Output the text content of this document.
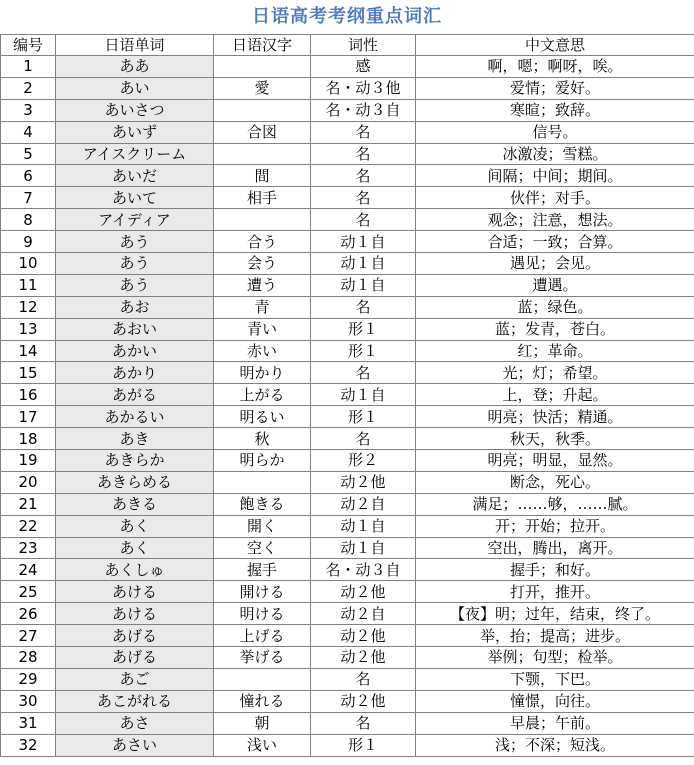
日语高考考纲重点词汇
编号	日语单词	日语汉字	词性	中文意思
1	ああ		感	啊，嗯；啊呀，唉。
2	あい	愛	名・动３他	爱情；爱好。
3	あいさつ		名・动３自	寒暄；致辞。
4	あいず	合図	名	信号。
5	アイスクリーム		名	冰激凌；雪糕。
6	あいだ	間	名	间隔；中间；期间。
7	あいて	相手	名	伙伴；对手。
8	アイディア		名	观念；注意，想法。
9	あう	合う	动１自	合适；一致；合算。
10	あう	会う	动１自	遇见；会见。
11	あう	遭う	动１自	遭遇。
12	あお	青	名	蓝；绿色。
13	あおい	青い	形１	蓝；发青，苍白。
14	あかい	赤い	形１	红；革命。
15	あかり	明かり	名	光；灯；希望。
16	あがる	上がる	动１自	上，登；升起。
17	あかるい	明るい	形１	明亮；快活；精通。
18	あき	秋	名	秋天，秋季。
19	あきらか	明らか	形２	明亮；明显，显然。
20	あきらめる		动２他	断念，死心。
21	あきる	飽きる	动２自	满足；……够，……腻。
22	あく	開く	动１自	开；开始；拉开。
23	あく	空く	动１自	空出，腾出，离开。
24	あくしゅ	握手	名・动３自	握手；和好。
25	あける	開ける	动２他	打开，推开。
26	あける	明ける	动２自	【夜】明；过年，结束，终了。
27	あげる	上げる	动２他	举，抬；提高；进步。
28	あげる	挙げる	动２他	举例；句型；检举。
29	あご		名	下颚，下巴。
30	あこがれる	憧れる	动２他	憧憬，向往。
31	あさ	朝	名	早晨；午前。
32	あさい	浅い	形１	浅；不深；短浅。
